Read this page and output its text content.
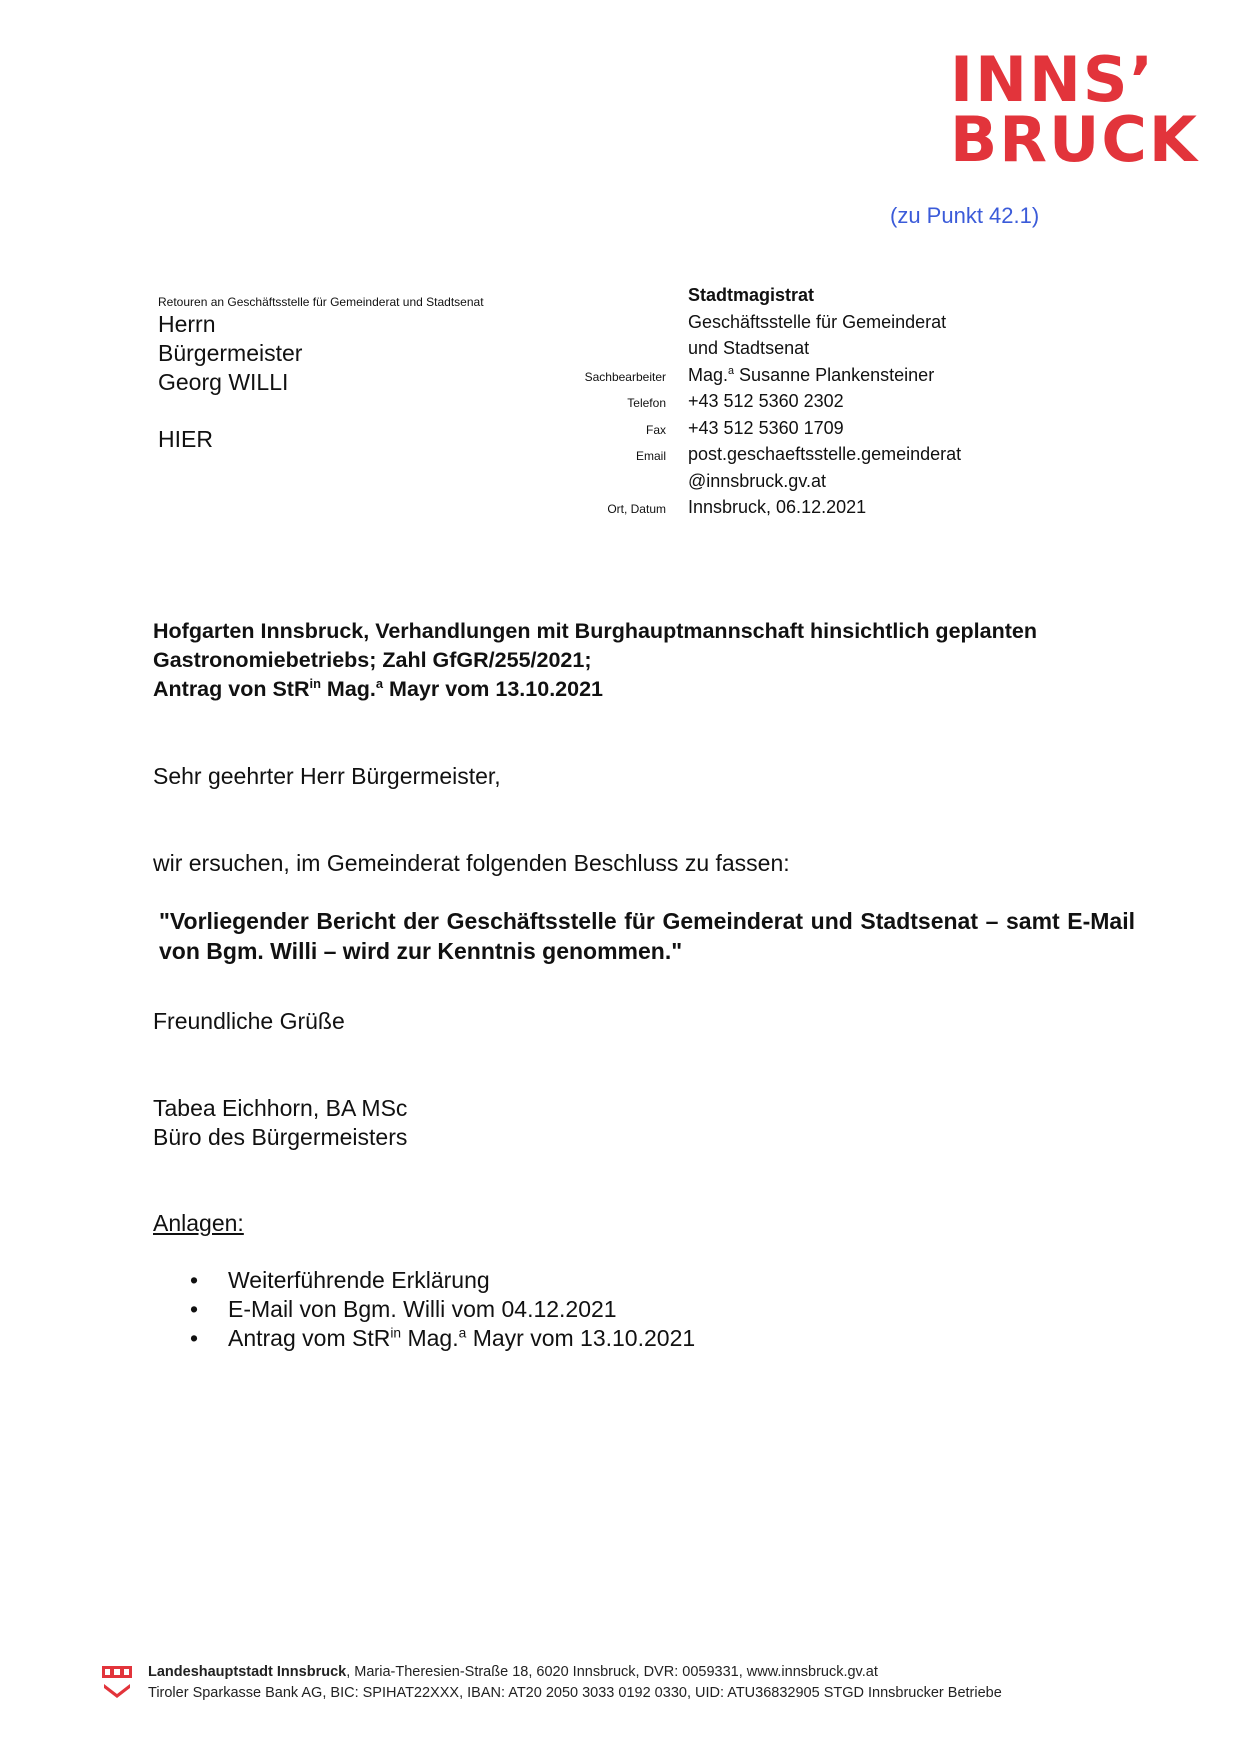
INNS’
BRUCK
(zu Punkt 42.1)
Retouren an Geschäftsstelle für Gemeinderat und Stadtsenat
Herrn
Bürgermeister
Georg WILLI
HIER
Stadtmagistrat
Geschäftsstelle für Gemeinderat
und Stadtsenat
Sachbearbeiter	Mag.$^a$ Susanne Plankensteiner
Telefon	+43 512 5360 2302
Fax	+43 512 5360 1709
Email	post.geschaeftsstelle.gemeinderat
@innsbruck.gv.at
Ort, Datum	Innsbruck, 06.12.2021
Hofgarten Innsbruck, Verhandlungen mit Burghauptmannschaft hinsichtlich geplanten
Gastronomiebetriebs; Zahl GfGR/255/2021;
Antrag von StR$^{in}$ Mag.$^a$ Mayr vom 13.10.2021
Sehr geehrter Herr Bürgermeister,
wir ersuchen, im Gemeinderat folgenden Beschluss zu fassen:
"Vorliegender Bericht der Geschäftsstelle für Gemeinderat und Stadtsenat – samt E-Mail von Bgm. Willi – wird zur Kenntnis genommen."
Freundliche Grüße
Tabea Eichhorn, BA MSc
Büro des Bürgermeisters
Anlagen:
•	Weiterführende Erklärung
•	E-Mail von Bgm. Willi vom 04.12.2021
•	Antrag vom StR$^{in}$ Mag.$^a$ Mayr vom 13.10.2021
Landeshauptstadt Innsbruck, Maria-Theresien-Straße 18, 6020 Innsbruck, DVR: 0059331, www.innsbruck.gv.at
Tiroler Sparkasse Bank AG, BIC: SPIHAT22XXX, IBAN: AT20 2050 3033 0192 0330, UID: ATU36832905 STGD Innsbrucker Betriebe
